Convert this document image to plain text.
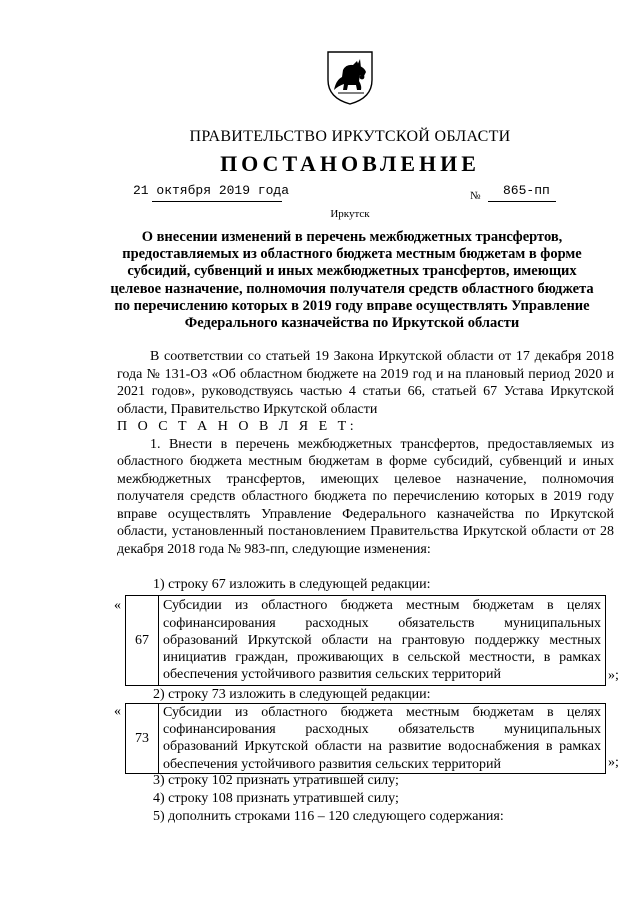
ПРАВИТЕЛЬСТВО ИРКУТСКОЙ ОБЛАСТИ
ПОСТАНОВЛЕНИЕ
21 октября 2019 года	№ 865-пп
Иркутск
О внесении изменений в перечень межбюджетных трансфертов, предоставляемых из областного бюджета местным бюджетам в форме субсидий, субвенций и иных межбюджетных трансфертов, имеющих целевое назначение, полномочия получателя средств областного бюджета по перечислению которых в 2019 году вправе осуществлять Управление Федерального казначейства по Иркутской области

В соответствии со статьей 19 Закона Иркутской области от 17 декабря 2018 года № 131-ОЗ «Об областном бюджете на 2019 год и на плановый период 2020 и 2021 годов», руководствуясь частью 4 статьи 66, статьей 67 Устава Иркутской области, Правительство Иркутской области

П О С Т А Н О В Л Я Е Т:

1. Внести в перечень межбюджетных трансфертов, предоставляемых из областного бюджета местным бюджетам в форме субсидий, субвенций и иных межбюджетных трансфертов, имеющих целевое назначение, полномочия получателя средств областного бюджета по перечислению которых в 2019 году вправе осуществлять Управление Федерального казначейства по Иркутской области, установленный постановлением Правительства Иркутской области от 28 декабря 2018 года № 983-пп, следующие изменения:

1) строку 67 изложить в следующей редакции:
«
67	Субсидии из областного бюджета местным бюджетам в целях софинансирования расходных обязательств муниципальных образований Иркутской области на грантовую поддержку местных инициатив граждан, проживающих в сельской местности, в рамках обеспечения устойчивого развития сельских территорий	»;
2) строку 73 изложить в следующей редакции:
«
73	Субсидии из областного бюджета местным бюджетам в целях софинансирования расходных обязательств муниципальных образований Иркутской области на развитие водоснабжения в рамках обеспечения устойчивого развития сельских территорий	»;
3) строку 102 признать утратившей силу;
4) строку 108 признать утратившей силу;
5) дополнить строками 116 – 120 следующего содержания:
